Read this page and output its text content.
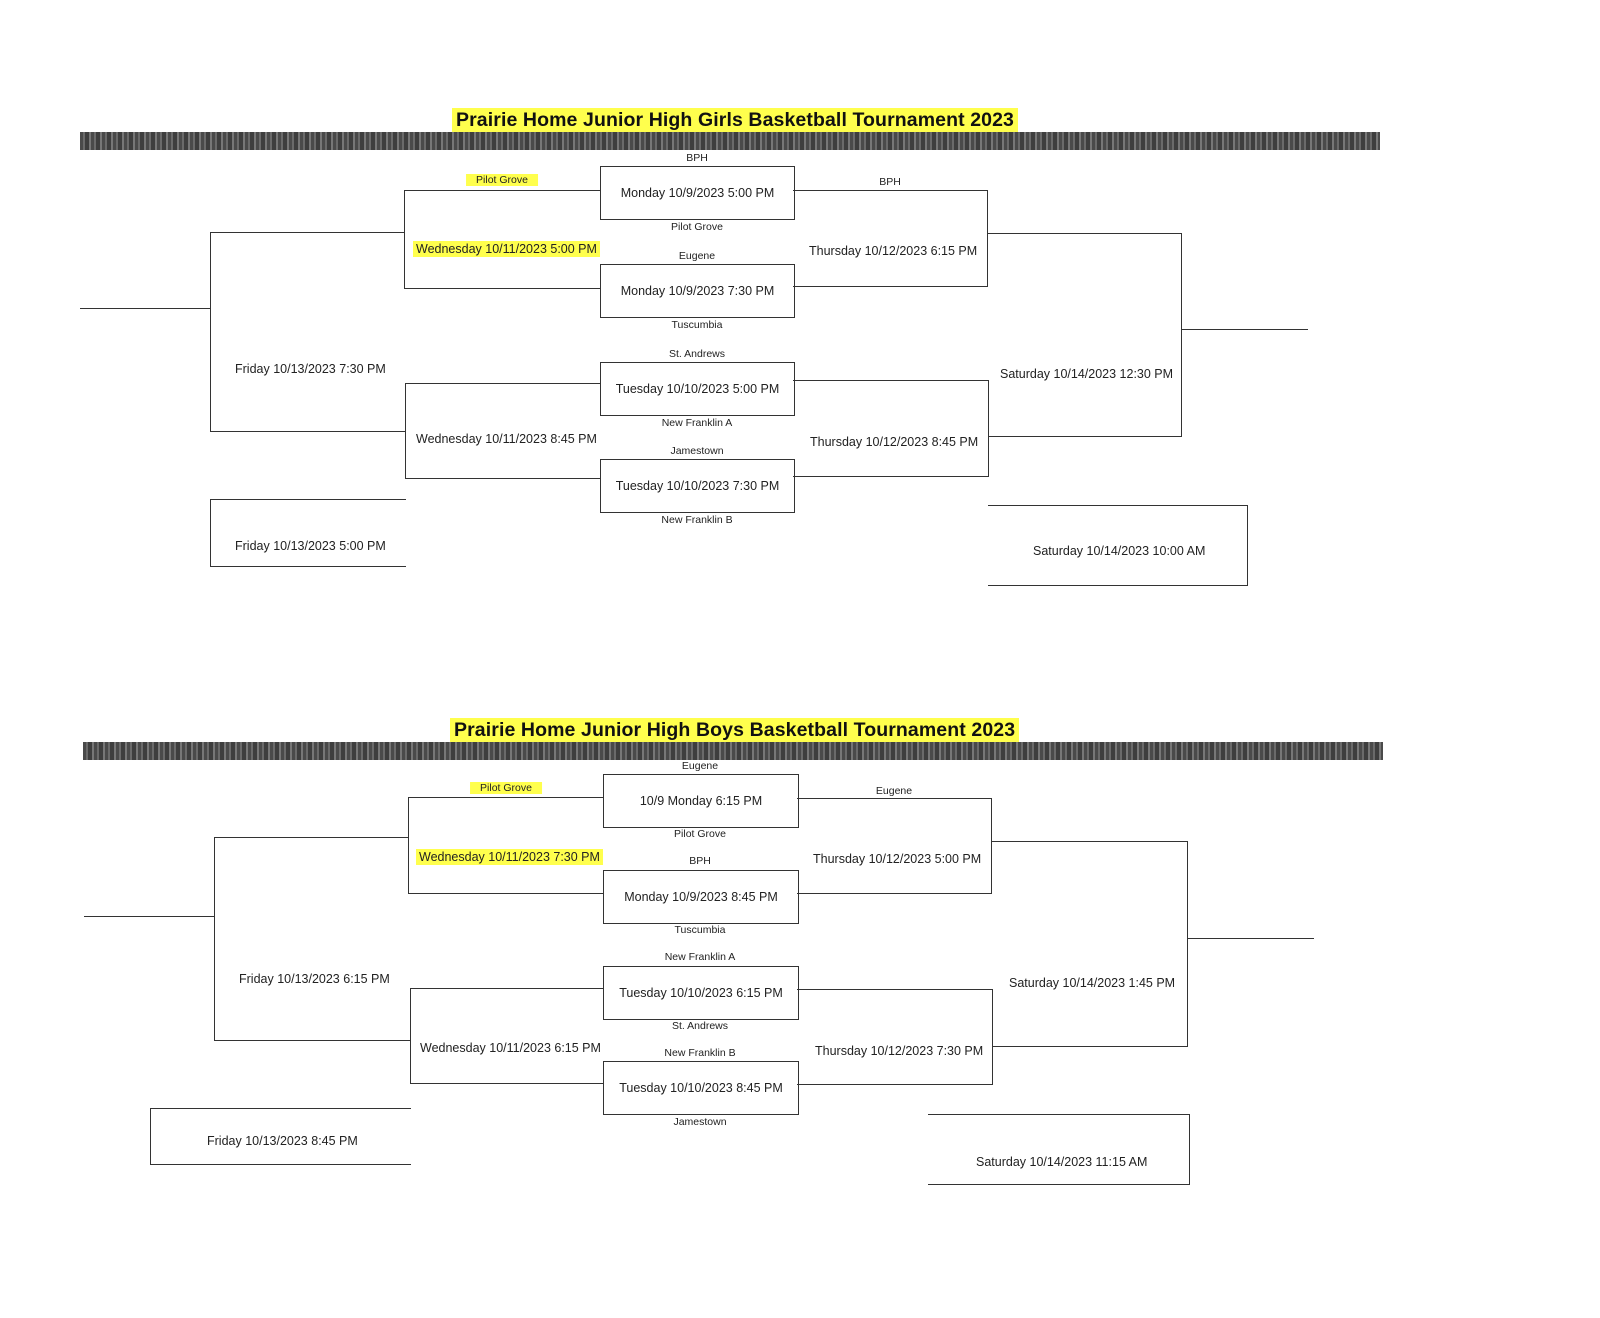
Prairie Home Junior High Girls Basketball Tournament 2023
BPH
Monday 10/9/2023 5:00 PM
Pilot Grove
Eugene
Monday 10/9/2023 7:30 PM
Tuscumbia
St. Andrews
Tuesday 10/10/2023 5:00 PM
New Franklin A
Jamestown
Tuesday 10/10/2023 7:30 PM
New Franklin B
Pilot Grove
Wednesday 10/11/2023 5:00 PM
Wednesday 10/11/2023 8:45 PM
Friday 10/13/2023 7:30 PM
Friday 10/13/2023 5:00 PM
BPH
Thursday 10/12/2023 6:15 PM
Thursday 10/12/2023 8:45 PM
Saturday 10/14/2023 12:30 PM
Saturday 10/14/2023 10:00 AM
Prairie Home Junior High Boys Basketball Tournament 2023
Eugene
10/9 Monday 6:15 PM
Pilot Grove
BPH
Monday 10/9/2023 8:45 PM
Tuscumbia
New Franklin A
Tuesday 10/10/2023 6:15 PM
St. Andrews
New Franklin B
Tuesday 10/10/2023 8:45 PM
Jamestown
Pilot Grove
Wednesday 10/11/2023 7:30 PM
Wednesday 10/11/2023 6:15 PM
Friday 10/13/2023 6:15 PM
Friday 10/13/2023 8:45 PM
Eugene
Thursday 10/12/2023 5:00 PM
Thursday 10/12/2023 7:30 PM
Saturday 10/14/2023 1:45 PM
Saturday 10/14/2023 11:15 AM
